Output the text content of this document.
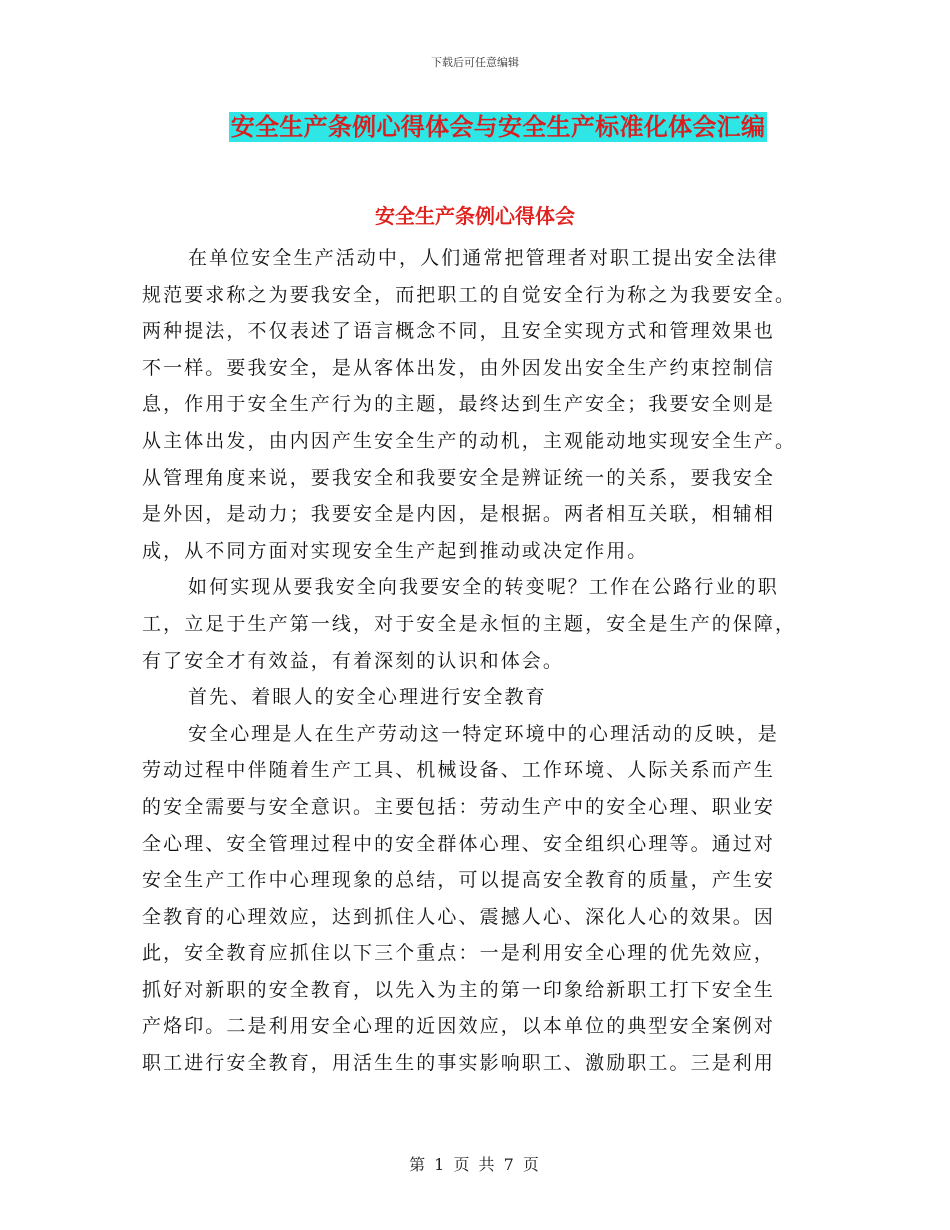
下载后可任意编辑
安全生产条例心得体会与安全生产标准化体会汇编
安全生产条例心得体会
在单位安全生产活动中，人们通常把管理者对职工提出安全法律
规范要求称之为要我安全，而把职工的自觉安全行为称之为我要安全。
两种提法，不仅表述了语言概念不同，且安全实现方式和管理效果也
不一样。要我安全，是从客体出发，由外因发出安全生产约束控制信
息，作用于安全生产行为的主题，最终达到生产安全；我要安全则是
从主体出发，由内因产生安全生产的动机，主观能动地实现安全生产。
从管理角度来说，要我安全和我要安全是辨证统一的关系，要我安全
是外因，是动力；我要安全是内因，是根据。两者相互关联，相辅相
成，从不同方面对实现安全生产起到推动或决定作用。
如何实现从要我安全向我要安全的转变呢？工作在公路行业的职
工，立足于生产第一线，对于安全是永恒的主题，安全是生产的保障，
有了安全才有效益，有着深刻的认识和体会。
首先、着眼人的安全心理进行安全教育
安全心理是人在生产劳动这一特定环境中的心理活动的反映，是
劳动过程中伴随着生产工具、机械设备、工作环境、人际关系而产生
的安全需要与安全意识。主要包括：劳动生产中的安全心理、职业安
全心理、安全管理过程中的安全群体心理、安全组织心理等。通过对
安全生产工作中心理现象的总结，可以提高安全教育的质量，产生安
全教育的心理效应，达到抓住人心、震撼人心、深化人心的效果。因
此，安全教育应抓住以下三个重点：一是利用安全心理的优先效应，
抓好对新职的安全教育，以先入为主的第一印象给新职工打下安全生
产烙印。二是利用安全心理的近因效应，以本单位的典型安全案例对
职工进行安全教育，用活生生的事实影响职工、激励职工。三是利用
第 1 页 共 7 页
